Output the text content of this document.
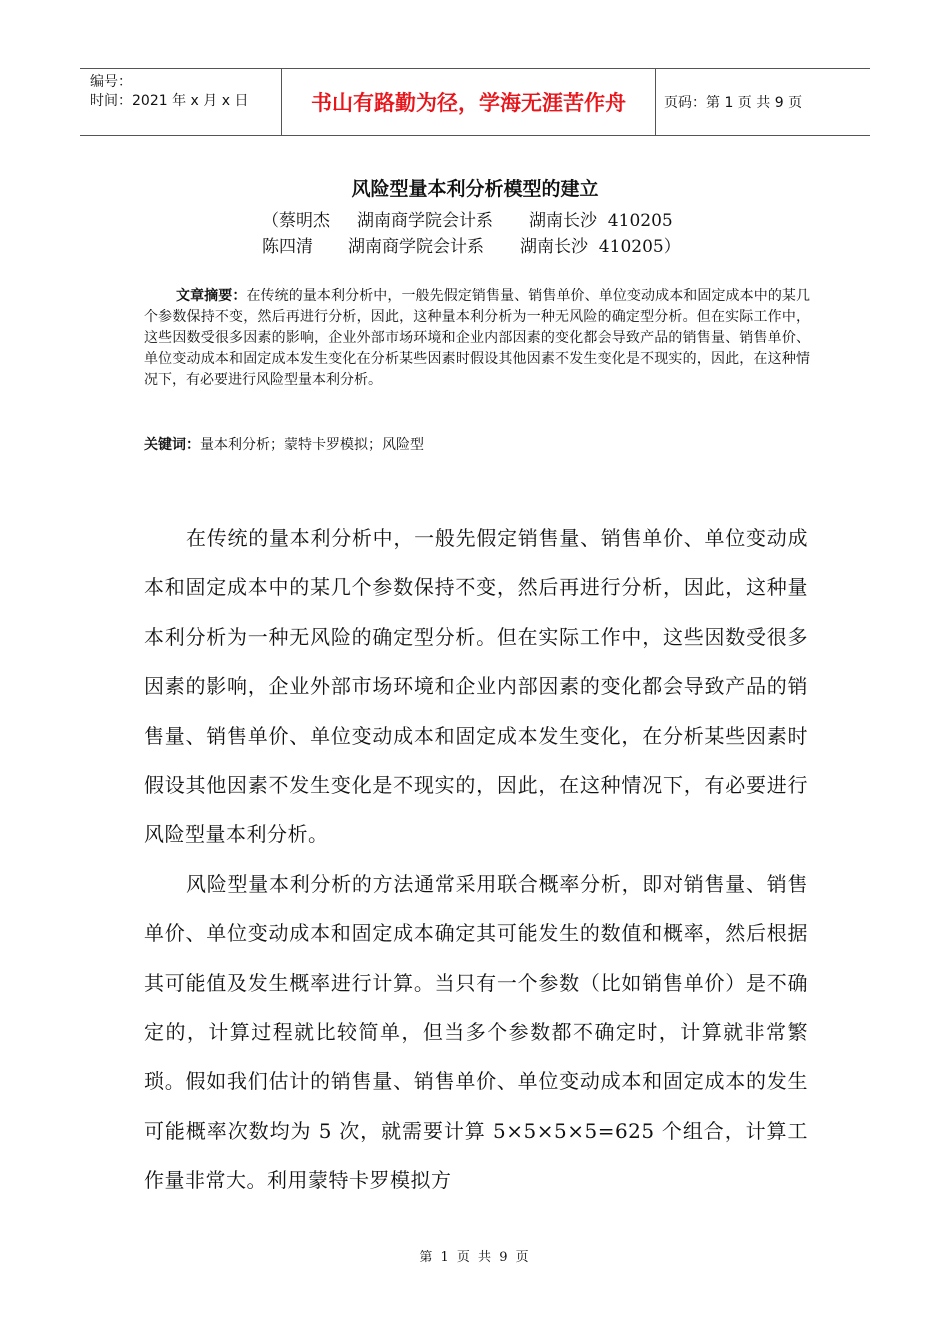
编号：
时间：2021 年 x 月 x 日	书山有路勤为径，学海无涯苦作舟	页码：第 1 页 共 9 页
风险型量本利分析模型的建立
（ 蔡明杰	湖南商学院会计系	湖南长沙  410205
陈四清	湖南商学院会计系	湖南长沙  410205 ）

文章摘要：在传统的量本利分析中，一般先假定销售量、销售单价、单位变动成本和固定成本中的某几个参数保持不变，然后再进行分析，因此，这种量本利分析为一种无风险的确定型分析。但在实际工作中，这些因数受很多因素的影响，企业外部市场环境和企业内部因素的变化都会导致产品的销售量、销售单价、单位变动成本和固定成本发生变化在分析某些因素时假设其他因素不发生变化是不现实的，因此，在这种情况下，有必要进行风险型量本利分析。

关键词：量本利分析；蒙特卡罗模拟；风险型

在传统的量本利分析中，一般先假定销售量、销售单价、单位变动成本和固定成本中的某几个参数保持不变，然后再进行分析，因此，这种量本利分析为一种无风险的确定型分析。但在实际工作中，这些因数受很多因素的影响，企业外部市场环境和企业内部因素的变化都会导致产品的销售量、销售单价、单位变动成本和固定成本发生变化，在分析某些因素时假设其他因素不发生变化是不现实的，因此，在这种情况下，有必要进行风险型量本利分析。

风险型量本利分析的方法通常采用联合概率分析，即对销售量、销售单价、单位变动成本和固定成本确定其可能发生的数值和概率，然后根据其可能值及发生概率进行计算。当只有一个参数（比如销售单价）是不确定的，计算过程就比较简单，但当多个参数都不确定时，计算就非常繁琐。假如我们估计的销售量、销售单价、单位变动成本和固定成本的发生可能概率次数均为 5 次，就需要计算 5×5×5×5=625 个组合，计算工作量非常大。利用蒙特卡罗模拟方

第 1 页 共 9 页
